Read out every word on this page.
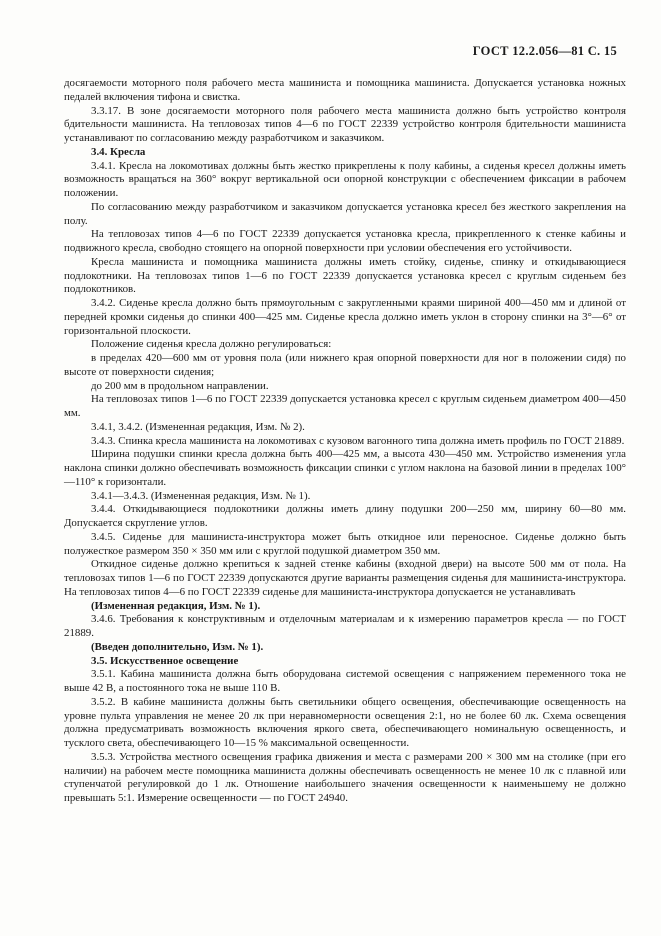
ГОСТ 12.2.056—81 С. 15

досягаемости моторного поля рабочего места машиниста и помощника машиниста. Допускается установка ножных педалей включения тифона и свистка.

3.3.17. В зоне досягаемости моторного поля рабочего места машиниста должно быть устройство контроля бдительности машиниста. На тепловозах типов 4—6 по ГОСТ 22339 устройство контроля бдительности машиниста устанавливают по согласованию между разработчиком и заказчиком.

3.4. Кресла

3.4.1. Кресла на локомотивах должны быть жестко прикреплены к полу кабины, а сиденья кресел должны иметь возможность вращаться на 360° вокруг вертикальной оси опорной конструкции с обеспечением фиксации в рабочем положении.

По согласованию между разработчиком и заказчиком допускается установка кресел без жесткого закрепления на полу.

На тепловозах типов 4—6 по ГОСТ 22339 допускается установка кресла, прикрепленного к стенке кабины и подвижного кресла, свободно стоящего на опорной поверхности при условии обеспечения его устойчивости.

Кресла машиниста и помощника машиниста должны иметь стойку, сиденье, спинку и откидывающиеся подлокотники. На тепловозах типов 1—6 по ГОСТ 22339 допускается установка кресел с круглым сиденьем без подлокотников.

3.4.2. Сиденье кресла должно быть прямоугольным с закругленными краями шириной 400—450 мм и длиной от передней кромки сиденья до спинки 400—425 мм. Сиденье кресла должно иметь уклон в сторону спинки на 3°—6° от горизонтальной плоскости.

Положение сиденья кресла должно регулироваться:

в пределах 420—600 мм от уровня пола (или нижнего края опорной поверхности для ног в положении сидя) по высоте от поверхности сидения;

до 200 мм в продольном направлении.

На тепловозах типов 1—6 по ГОСТ 22339 допускается установка кресел с круглым сиденьем диаметром 400—450 мм.

3.4.1, 3.4.2. (Измененная редакция, Изм. № 2).

3.4.3. Спинка кресла машиниста на локомотивах с кузовом вагонного типа должна иметь профиль по ГОСТ 21889.

Ширина подушки спинки кресла должна быть 400—425 мм, а высота 430—450 мм. Устройство изменения угла наклона спинки должно обеспечивать возможность фиксации спинки с углом наклона на базовой линии в пределах 100°—110° к горизонтали.

3.4.1—3.4.3. (Измененная редакция, Изм. № 1).

3.4.4. Откидывающиеся подлокотники должны иметь длину подушки 200—250 мм, ширину 60—80 мм. Допускается скругление углов.

3.4.5. Сиденье для машиниста-инструктора может быть откидное или переносное. Сиденье должно быть полужесткое размером 350 × 350 мм или с круглой подушкой диаметром 350 мм.

Откидное сиденье должно крепиться к задней стенке кабины (входной двери) на высоте 500 мм от пола. На тепловозах типов 1—6 по ГОСТ 22339 допускаются другие варианты размещения сиденья для машиниста-инструктора. На тепловозах типов 4—6 по ГОСТ 22339 сиденье для машиниста-инструктора допускается не устанавливать

(Измененная редакция, Изм. № 1).

3.4.6. Требования к конструктивным и отделочным материалам и к измерению параметров кресла — по ГОСТ 21889.

(Введен дополнительно, Изм. № 1).

3.5. Искусственное освещение

3.5.1. Кабина машиниста должна быть оборудована системой освещения с напряжением переменного тока не выше 42 В, а постоянного тока не выше 110 В.

3.5.2. В кабине машиниста должны быть светильники общего освещения, обеспечивающие освещенность на уровне пульта управления не менее 20 лк при неравномерности освещения 2:1, но не более 60 лк. Схема освещения должна предусматривать возможность включения яркого света, обеспечивающего номинальную освещенность, и тусклого света, обеспечивающего 10—15 % максимальной освещенности.

3.5.3. Устройства местного освещения графика движения и места с размерами 200 × 300 мм на столике (при его наличии) на рабочем месте помощника машиниста должны обеспечивать освещенность не менее 10 лк с плавной или ступенчатой регулировкой до 1 лк. Отношение наибольшего значения освещенности к наименьшему не должно превышать 5:1. Измерение освещенности — по ГОСТ 24940.
